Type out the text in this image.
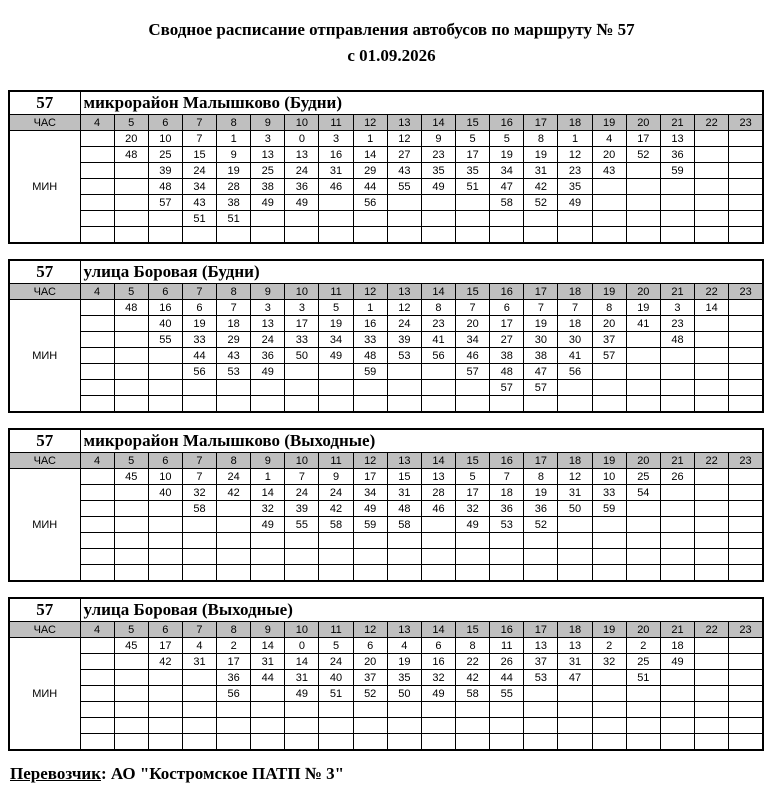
Сводное расписание отправления автобусов по маршруту № 57
с 01.09.2026
57	микрорайон Малышково (Будни)																			
ЧАС	4	5	6	7	8	9	10	11	12	13	14	15	16	17	18	19	20	21	22	23
МИН		20	10	7	1	3	0	3	1	12	9	5	5	8	1	4	17	13		
		48	25	15	9	13	13	16	14	27	23	17	19	19	12	20	52	36		
			39	24	19	25	24	31	29	43	35	35	34	31	23	43		59		
			48	34	28	38	36	46	44	55	49	51	47	42	35					
			57	43	38	49	49		56				58	52	49					
				51	51															

57	улица Боровая (Будни)																			
ЧАС	4	5	6	7	8	9	10	11	12	13	14	15	16	17	18	19	20	21	22	23
МИН		48	16	6	7	3	3	5	1	12	8	7	6	7	7	8	19	3	14	
			40	19	18	13	17	19	16	24	23	20	17	19	18	20	41	23		
			55	33	29	24	33	34	33	39	41	34	27	30	30	37		48		
				44	43	36	50	49	48	53	56	46	38	38	41	57				
				56	53	49			59			57	48	47	56					
													57	57						

57	микрорайон Малышково (Выходные)																			
ЧАС	4	5	6	7	8	9	10	11	12	13	14	15	16	17	18	19	20	21	22	23
МИН		45	10	7	24	1	7	9	17	15	13	5	7	8	12	10	25	26		
			40	32	42	14	24	24	34	31	28	17	18	19	31	33	54			
				58		32	39	42	49	48	46	32	36	36	50	59				
						49	55	58	59	58		49	53	52						

57	улица Боровая (Выходные)																			
ЧАС	4	5	6	7	8	9	10	11	12	13	14	15	16	17	18	19	20	21	22	23
МИН		45	17	4	2	14	0	5	6	4	6	8	11	13	13	2	2	18		
			42	31	17	31	14	24	20	19	16	22	26	37	31	32	25	49		
					36	44	31	40	37	35	32	42	44	53	47		51			
					56		49	51	52	50	49	58	55							

Перевозчик: АО "Костромское ПАТП № 3"
